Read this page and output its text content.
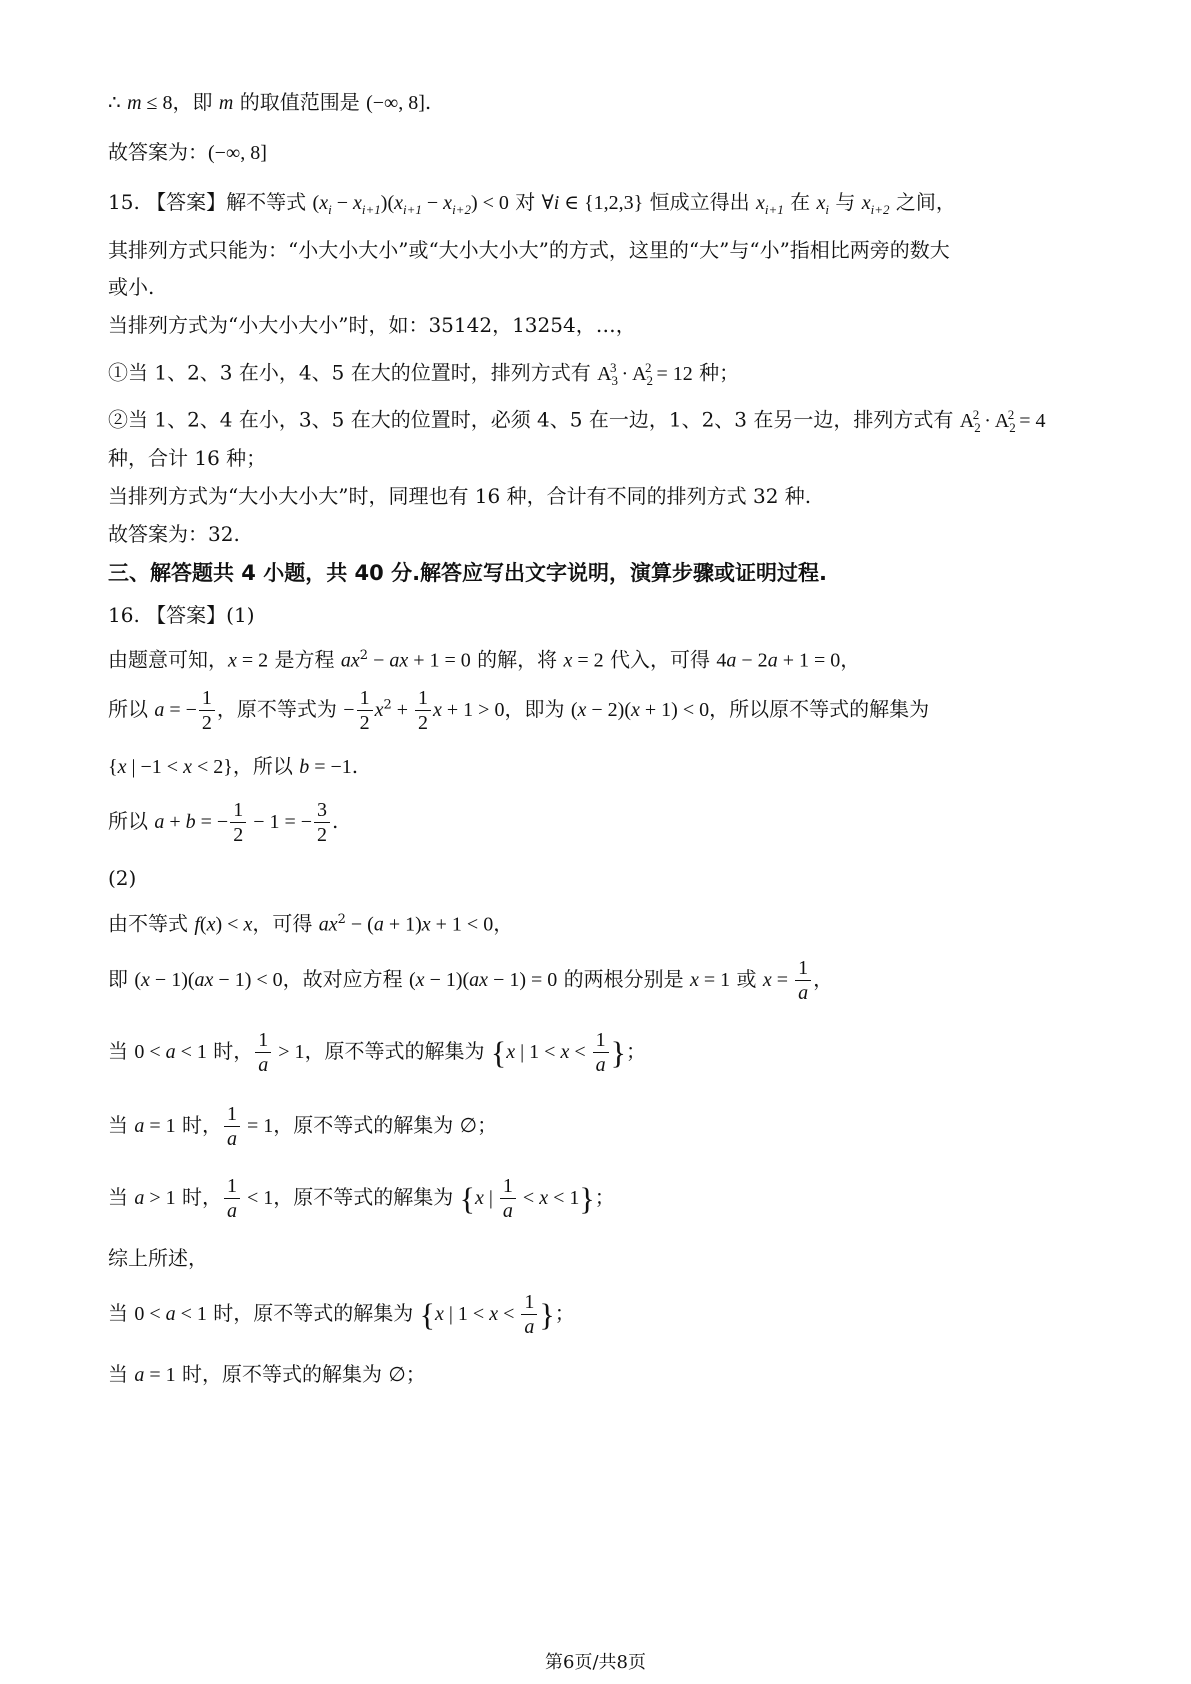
∴ m ≤ 8，即 m 的取值范围是 (−∞, 8].
故答案为：(−∞, 8]
15. 【答案】解不等式 $(x_i - x_{i+1})(x_{i+1} - x_{i+2}) < 0$ 对 ∀i ∈ {1,2,3} 恒成立得出 $x_{i+1}$ 在 $x_i$ 与 $x_{i+2}$ 之间，
其排列方式只能为：“小大小大小”或“大小大小大”的方式，这里的“大”与“小”指相比两旁的数大
或小.
当排列方式为“小大小大小”时，如：35142，13254，…，
①当 1、2、3 在小，4、5 在大的位置时，排列方式有 $A_3^3 \cdot A_2^2 = 12$ 种；
②当 1、2、4 在小，3、5 在大的位置时，必须 4、5 在一边，1、2、3 在另一边，排列方式有 $A_2^2 \cdot A_2^2 = 4$
种，合计 16 种；
当排列方式为“大小大小大”时，同理也有 16 种，合计有不同的排列方式 32 种.
故答案为：32.
三、解答题共 4 小题，共 40 分.解答应写出文字说明，演算步骤或证明过程.
16. 【答案】(1)
由题意可知，x = 2 是方程 $ax^2$ − ax + 1 = 0 的解，将 x = 2 代入，可得 4a − 2a + 1 = 0，
所以 a = − $\frac{1}{2}$ ，原不等式为 − $\frac{1}{2} x^2 + \frac{1}{2}$ x + 1 > 0，即为 (x − 2)(x + 1) < 0，所以原不等式的解集为
{x | −1 < x < 2}，所以 b = −1.
所以 a + b = − $\frac{1}{2} - 1$ = − $\frac{3}{2}$ .
(2)
由不等式 f(x) < x，可得 $ax^2 - (a + 1)x + 1 < 0$，
即 (x − 1)(ax − 1) < 0，故对应方程 (x − 1)(ax − 1) = 0 的两根分别是 x = 1 或 $x = \frac{1}{a}$ ，
当 0 < a < 1 时， $\frac{1}{a} > 1$，原不等式的解集为 {x | $1 < x < \frac{1}{a}$ }；
当 a = 1 时， $\frac{1}{a} = 1$，原不等式的解集为 ∅；
当 a > 1 时， $\frac{1}{a} < 1$，原不等式的解集为 {x | $\frac{1}{a} < x < 1$}；
综上所述，
当 0 < a < 1 时，原不等式的解集为 {x | $1 < x < \frac{1}{a}$ }；
当 a = 1 时，原不等式的解集为 ∅；
第6页/共8页
